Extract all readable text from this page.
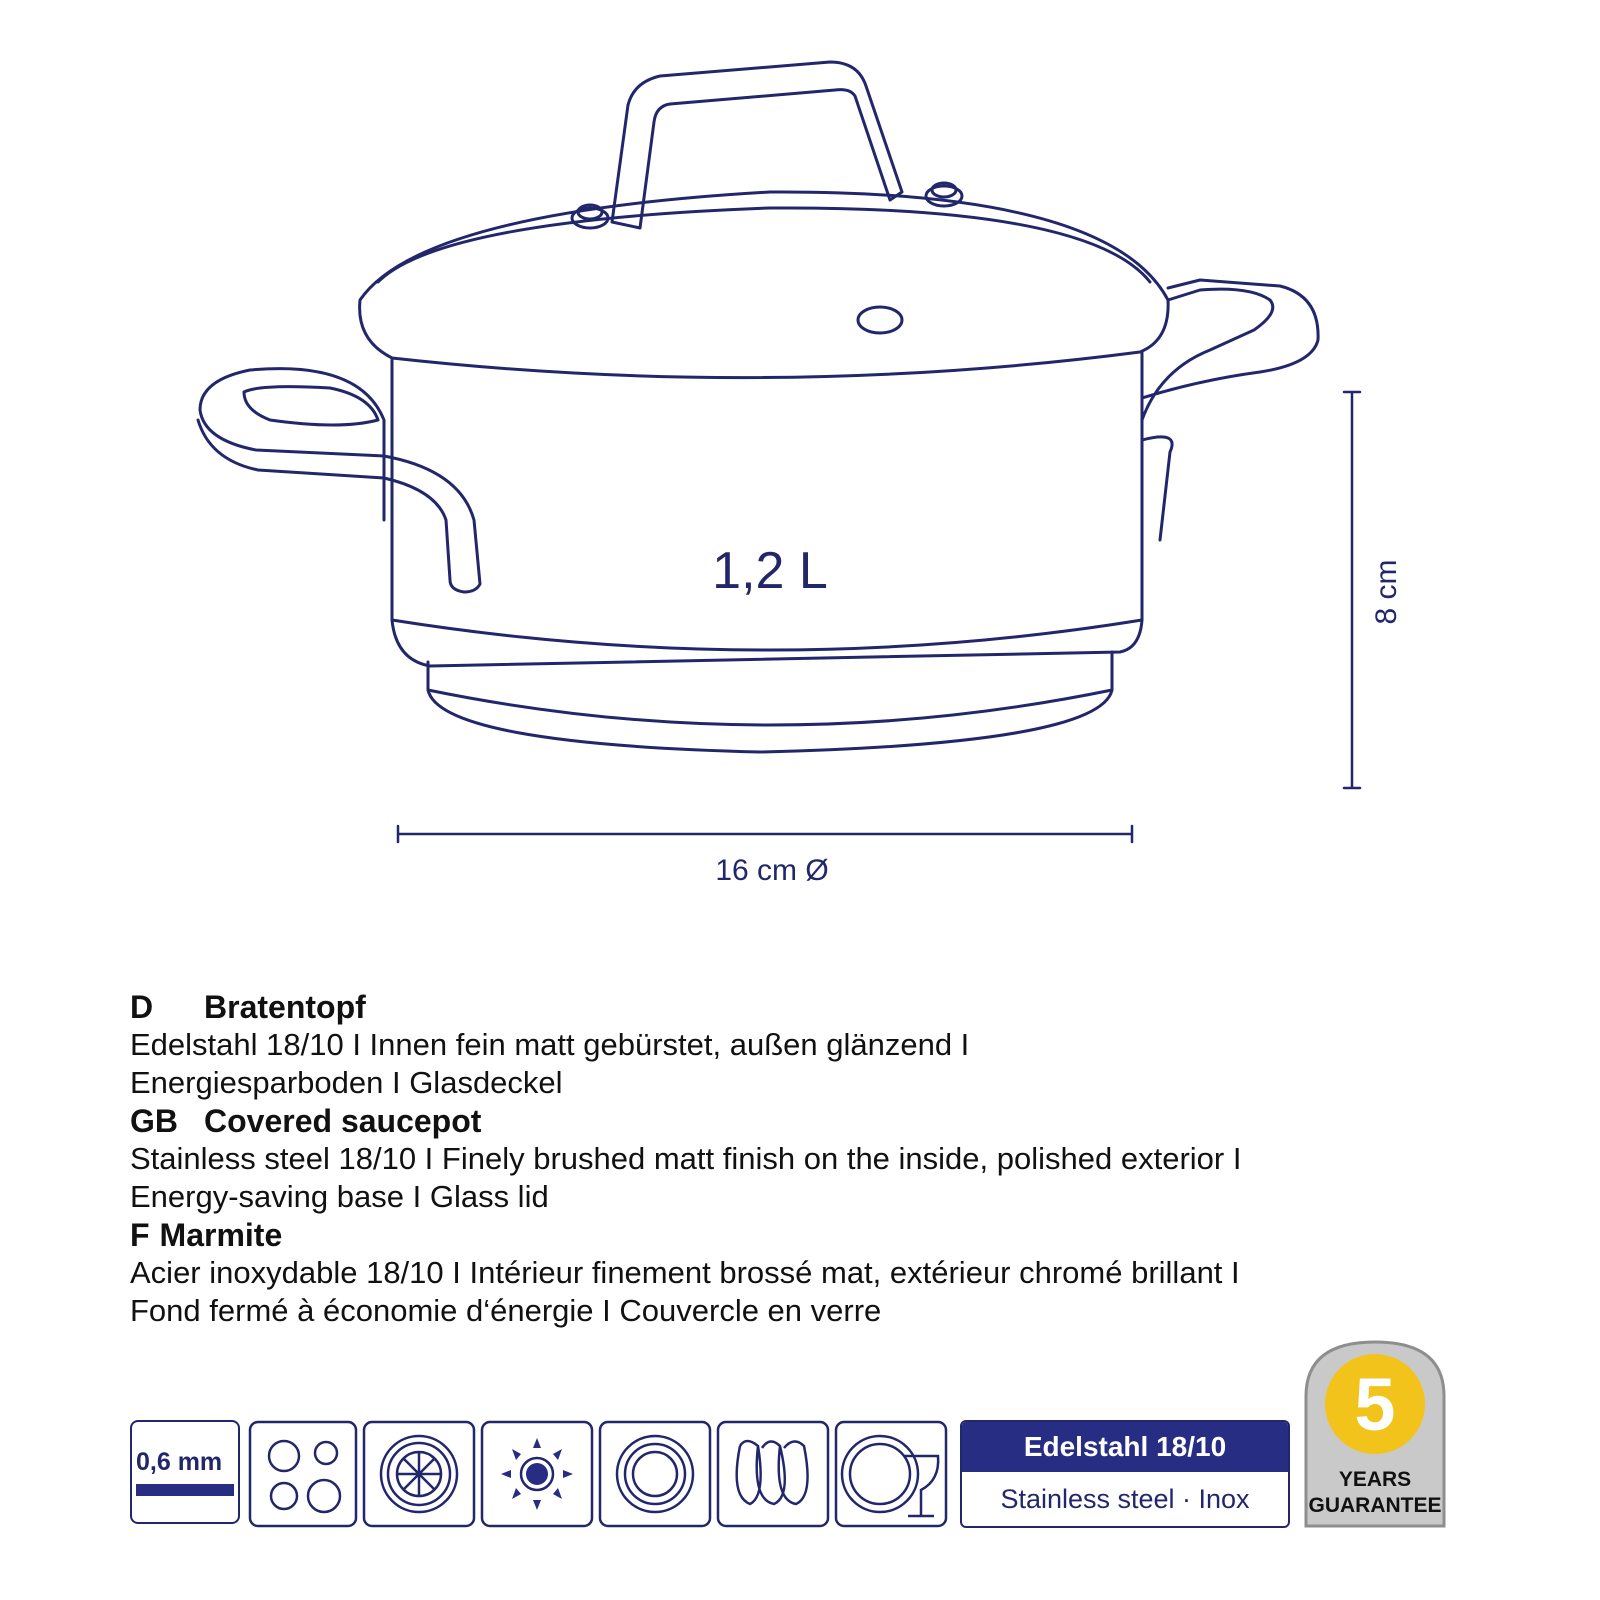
1,2 L	8 cm
16 cm Ø

D Bratentopf

Edelstahl 18/10 I Innen fein matt gebürstet, außen glänzend I

Energiesparboden I Glasdeckel

GB Covered saucepot

Stainless steel 18/10 I Finely brushed matt finish on the inside, polished exterior I

Energy-saving base I Glass lid

F Marmite

Acier inoxydable 18/10 I Intérieur finement brossé mat, extérieur chromé brillant I

Fond fermé à économie d‘énergie I Couvercle en verre

0,6 mm	Edelstahl 18/10
Stainless steel · Inox
5
YEARS
GUARANTEE
